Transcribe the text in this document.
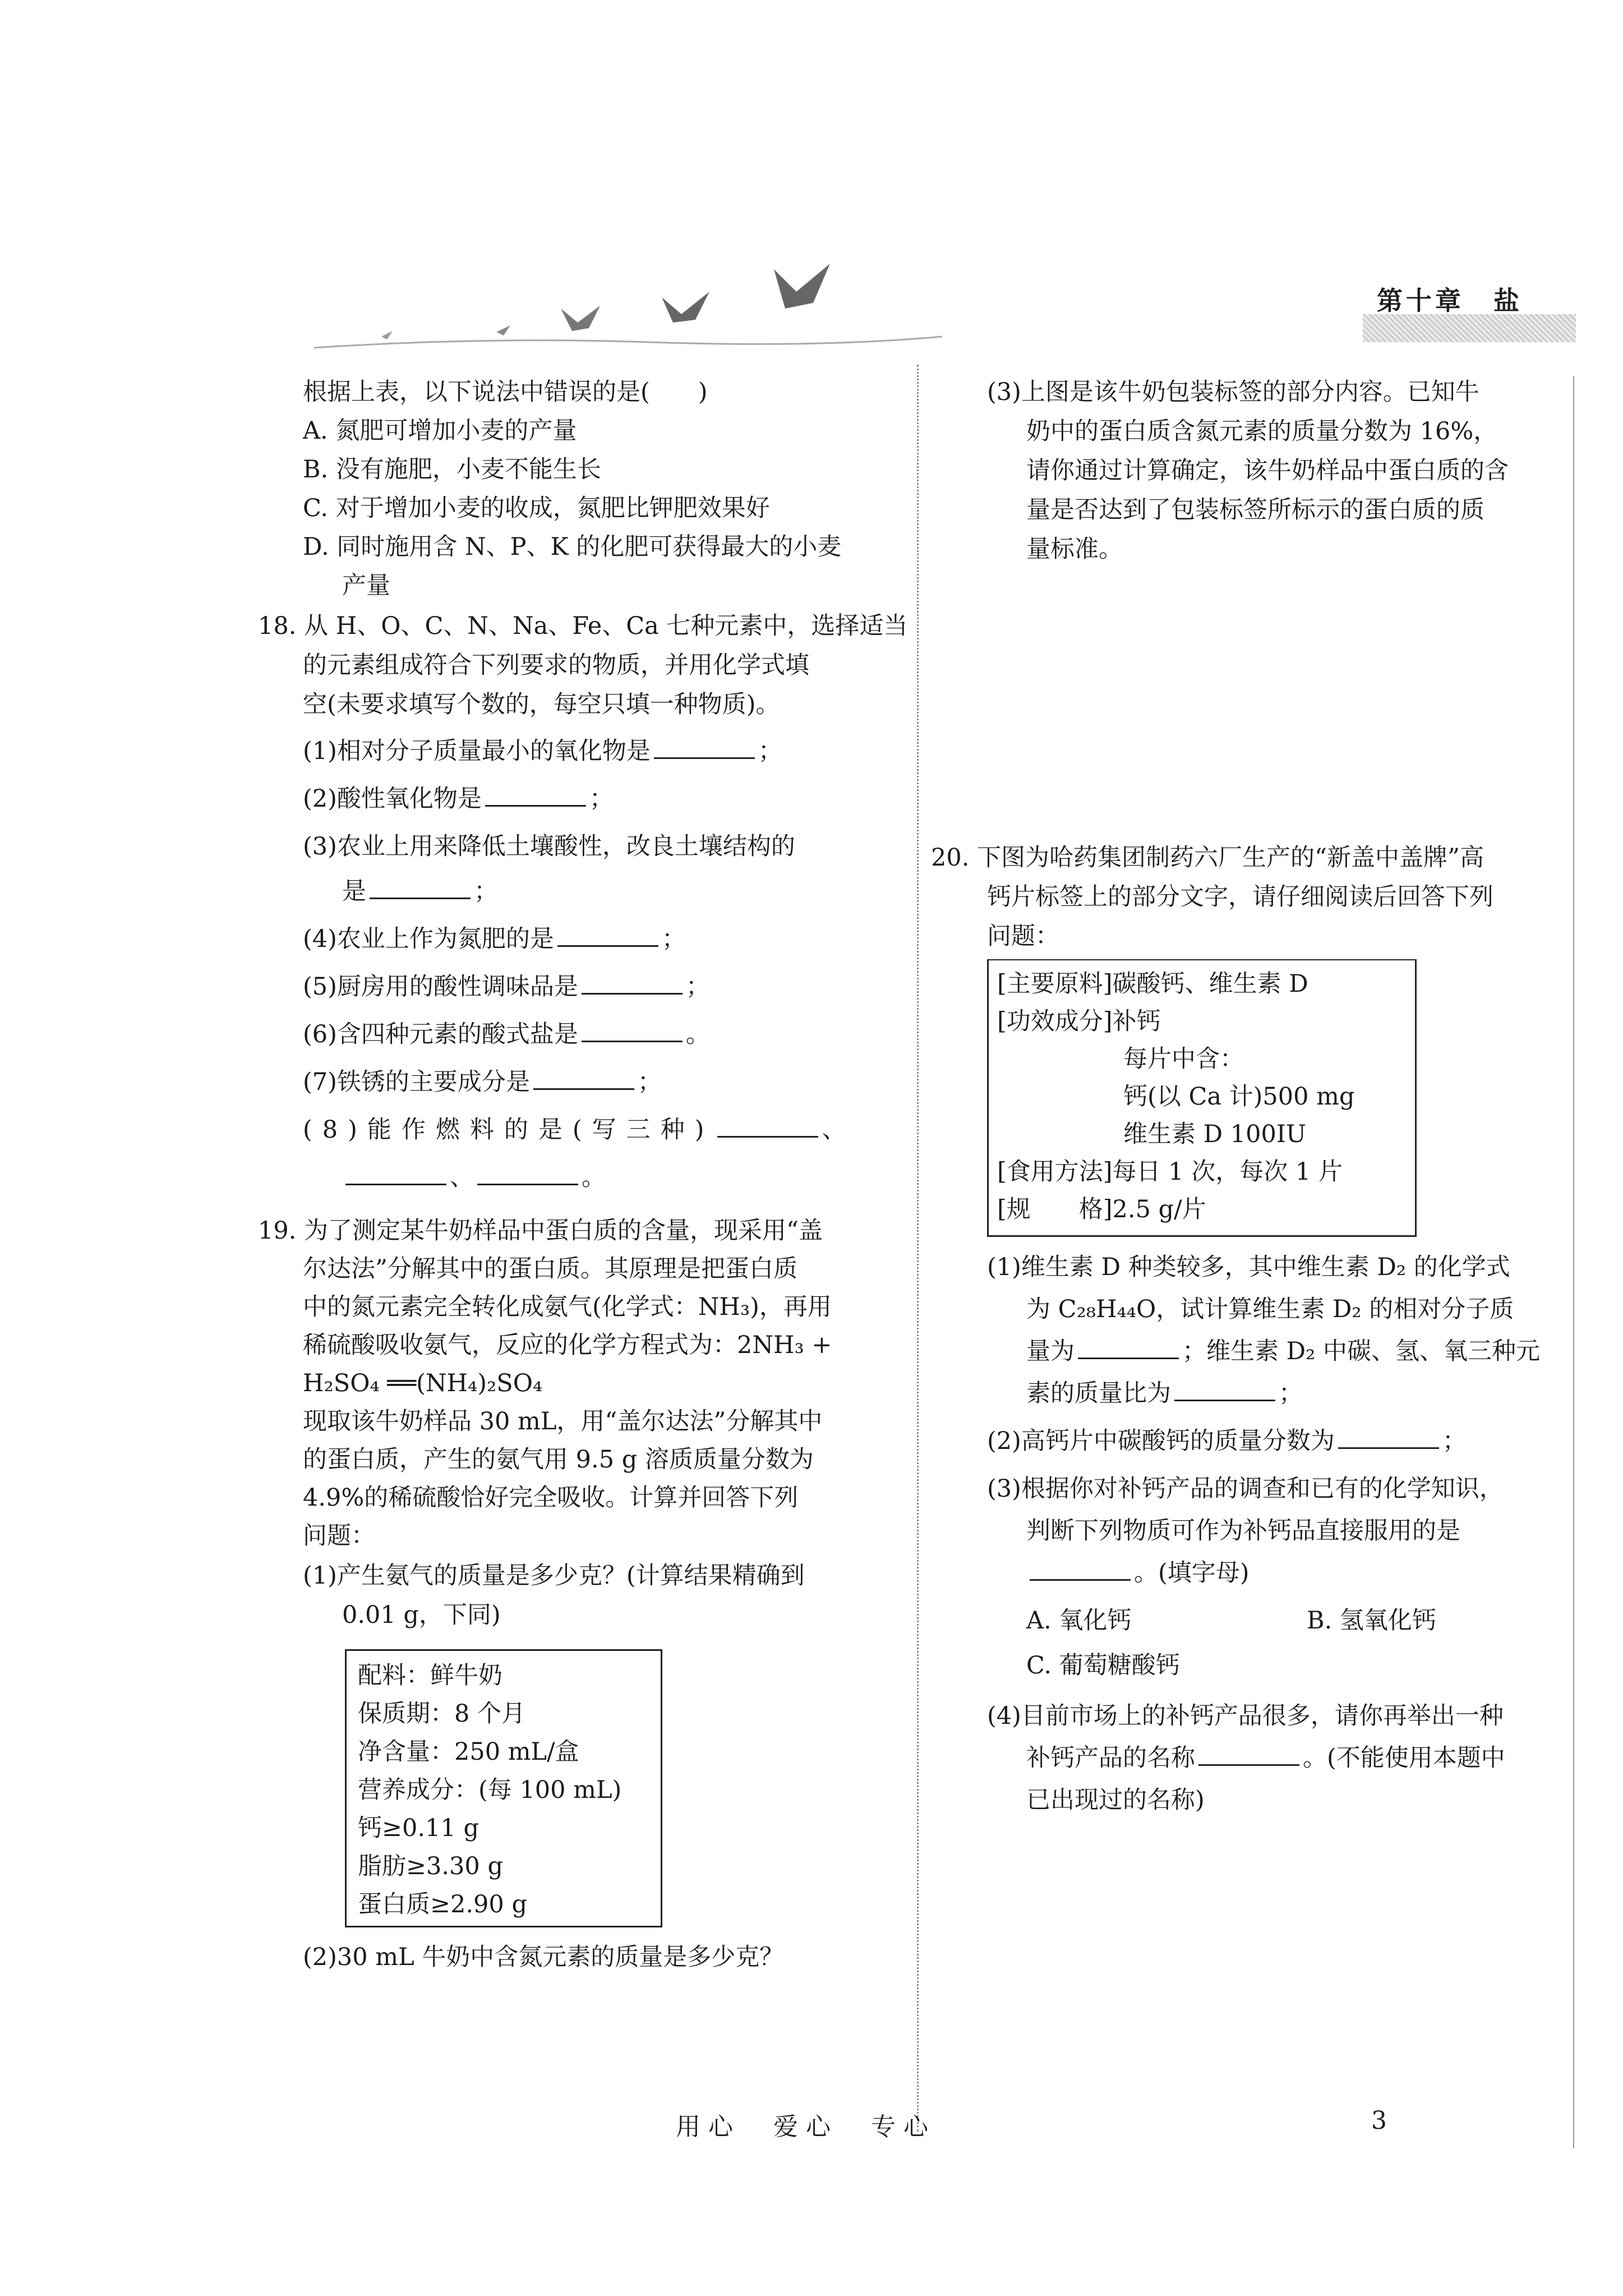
第十章　盐
根据上表，以下说法中错误的是(　　)
A. 氮肥可增加小麦的产量
B. 没有施肥，小麦不能生长
C. 对于增加小麦的收成，氮肥比钾肥效果好
D. 同时施用含 N、P、K 的化肥可获得最大的小麦
产量
18. 从 H、O、C、N、Na、Fe、Ca 七种元素中，选择适当
的元素组成符合下列要求的物质，并用化学式填
空(未要求填写个数的，每空只填一种物质)。
(1)相对分子质量最小的氧化物是	；
(2)酸性氧化物是	；
(3)农业上用来降低土壤酸性，改良土壤结构的
是	；
(4)农业上作为氮肥的是	；
(5)厨房用的酸性调味品是	；
(6)含四种元素的酸式盐是	。
(7)铁锈的主要成分是	；
(8)能作燃料的是(写三种)	、
、	。
19. 为了测定某牛奶样品中蛋白质的含量，现采用“盖
尔达法”分解其中的蛋白质。其原理是把蛋白质
中的氮元素完全转化成氨气(化学式：NH₃)，再用
稀硫酸吸收氨气，反应的化学方程式为：2NH₃ +
H₂SO₄ ══(NH₄)₂SO₄
现取该牛奶样品 30 mL，用“盖尔达法”分解其中
的蛋白质，产生的氨气用 9.5 g 溶质质量分数为
4.9%的稀硫酸恰好完全吸收。计算并回答下列
问题：
(1)产生氨气的质量是多少克？(计算结果精确到
0.01 g，下同)
配料：鲜牛奶
保质期：8 个月
净含量：250 mL/盒
营养成分：(每 100 mL)
钙≥0.11 g
脂肪≥3.30 g
蛋白质≥2.90 g
(2)30 mL 牛奶中含氮元素的质量是多少克？
(3)上图是该牛奶包装标签的部分内容。已知牛
奶中的蛋白质含氮元素的质量分数为 16%，
请你通过计算确定，该牛奶样品中蛋白质的含
量是否达到了包装标签所标示的蛋白质的质
量标准。
20. 下图为哈药集团制药六厂生产的“新盖中盖牌”高
钙片标签上的部分文字，请仔细阅读后回答下列
问题：
[主要原料]碳酸钙、维生素 D
[功效成分]补钙
每片中含：
钙(以 Ca 计)500 mg
维生素 D 100IU
[食用方法]每日 1 次，每次 1 片
[规　　格]2.5 g/片
(1)维生素 D 种类较多，其中维生素 D₂ 的化学式
为 C₂₈H₄₄O，试计算维生素 D₂ 的相对分子质
量为	；维生素 D₂ 中碳、氢、氧三种元
素的质量比为	；
(2)高钙片中碳酸钙的质量分数为	；
(3)根据你对补钙产品的调查和已有的化学知识，
判断下列物质可作为补钙品直接服用的是
。(填字母)
A. 氧化钙	B. 氢氧化钙
C. 葡萄糖酸钙
(4)目前市场上的补钙产品很多，请你再举出一种
补钙产品的名称	。(不能使用本题中
已出现过的名称)
用心　爱心　专心	3
